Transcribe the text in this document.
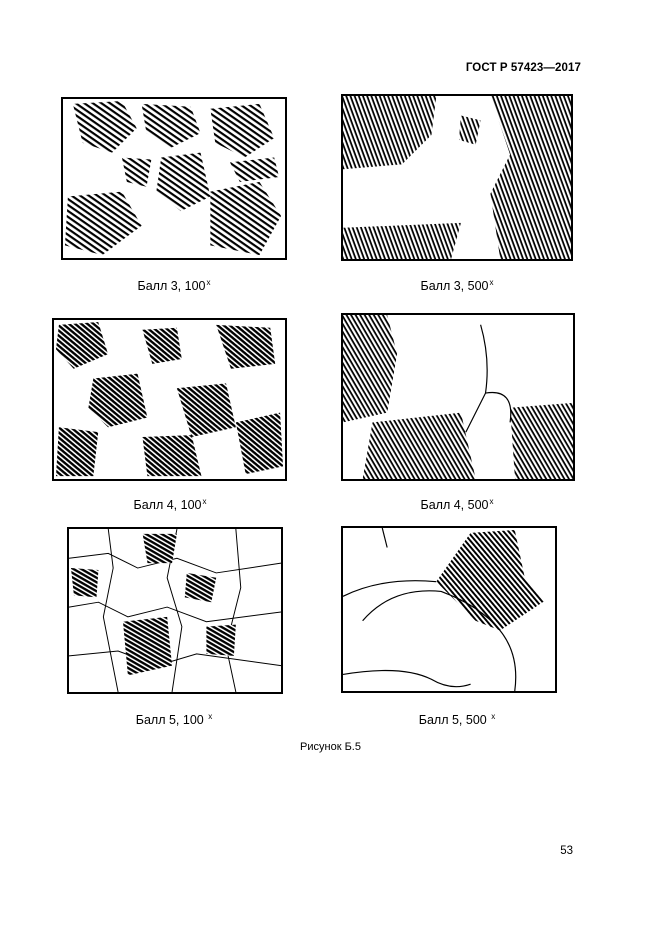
ГОСТ Р 57423—2017
Балл 3, $100^х$	Балл 3, $500^х$
Балл 4, $100^х$	Балл 4, $500^х$
Балл 5, 100 $^х$	Балл 5, 500 $^х$
Рисунок Б.5
53
